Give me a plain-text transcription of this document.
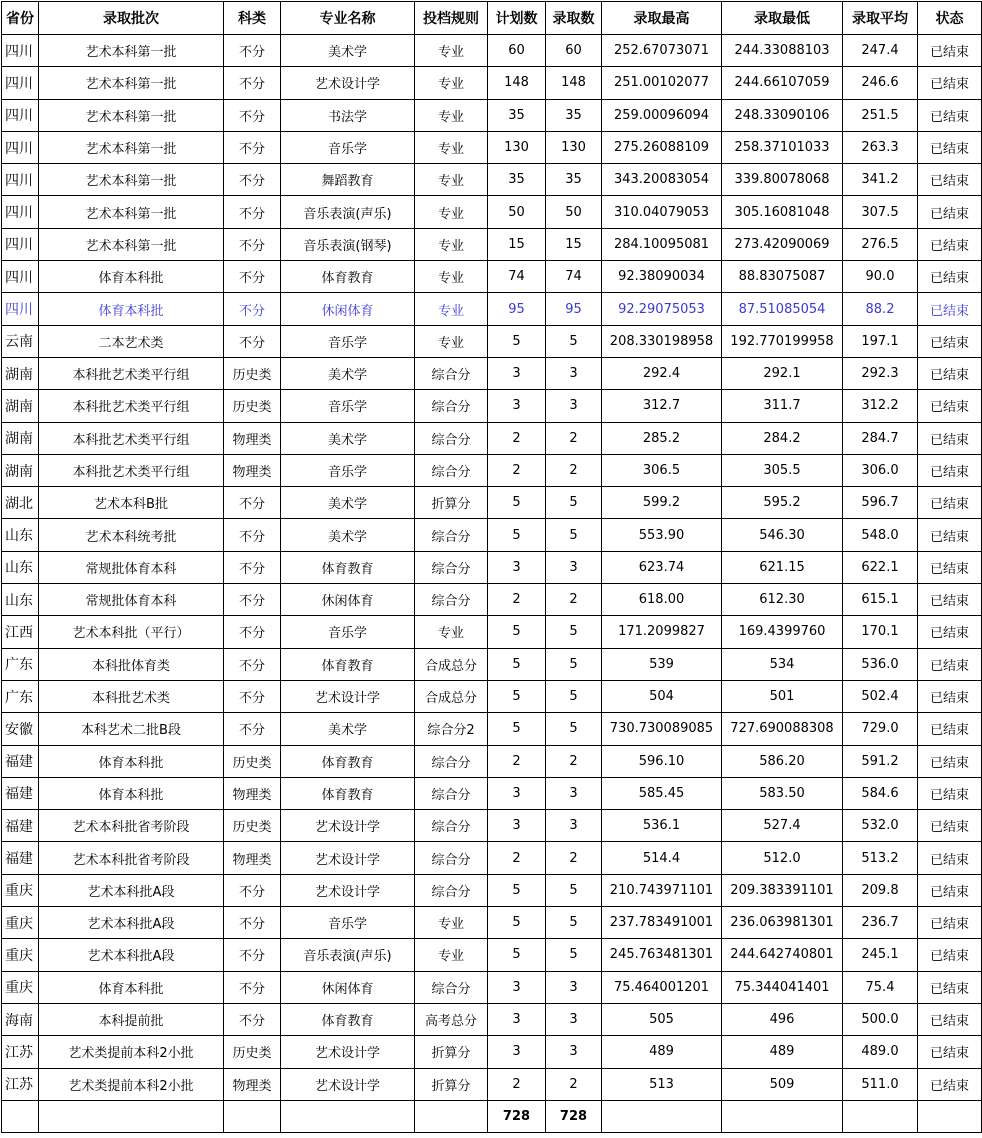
省份	录取批次	科类	专业名称	投档规则	计划数	录取数	录取最高	录取最低	录取平均	状态
四川	艺术本科第一批	不分	美术学	专业	60	60	252.67073071	244.33088103	247.4	已结束
四川	艺术本科第一批	不分	艺术设计学	专业	148	148	251.00102077	244.66107059	246.6	已结束
四川	艺术本科第一批	不分	书法学	专业	35	35	259.00096094	248.33090106	251.5	已结束
四川	艺术本科第一批	不分	音乐学	专业	130	130	275.26088109	258.37101033	263.3	已结束
四川	艺术本科第一批	不分	舞蹈教育	专业	35	35	343.20083054	339.80078068	341.2	已结束
四川	艺术本科第一批	不分	音乐表演(声乐)	专业	50	50	310.04079053	305.16081048	307.5	已结束
四川	艺术本科第一批	不分	音乐表演(钢琴)	专业	15	15	284.10095081	273.42090069	276.5	已结束
四川	体育本科批	不分	体育教育	专业	74	74	92.38090034	88.83075087	90.0	已结束
四川	体育本科批	不分	休闲体育	专业	95	95	92.29075053	87.51085054	88.2	已结束
云南	二本艺术类	不分	音乐学	专业	5	5	208.330198958	192.770199958	197.1	已结束
湖南	本科批艺术类平行组	历史类	美术学	综合分	3	3	292.4	292.1	292.3	已结束
湖南	本科批艺术类平行组	历史类	音乐学	综合分	3	3	312.7	311.7	312.2	已结束
湖南	本科批艺术类平行组	物理类	美术学	综合分	2	2	285.2	284.2	284.7	已结束
湖南	本科批艺术类平行组	物理类	音乐学	综合分	2	2	306.5	305.5	306.0	已结束
湖北	艺术本科B批	不分	美术学	折算分	5	5	599.2	595.2	596.7	已结束
山东	艺术本科统考批	不分	美术学	综合分	5	5	553.90	546.30	548.0	已结束
山东	常规批体育本科	不分	体育教育	综合分	3	3	623.74	621.15	622.1	已结束
山东	常规批体育本科	不分	休闲体育	综合分	2	2	618.00	612.30	615.1	已结束
江西	艺术本科批（平行）	不分	音乐学	专业	5	5	171.2099827	169.4399760	170.1	已结束
广东	本科批体育类	不分	体育教育	合成总分	5	5	539	534	536.0	已结束
广东	本科批艺术类	不分	艺术设计学	合成总分	5	5	504	501	502.4	已结束
安徽	本科艺术二批B段	不分	美术学	综合分2	5	5	730.730089085	727.690088308	729.0	已结束
福建	体育本科批	历史类	体育教育	综合分	2	2	596.10	586.20	591.2	已结束
福建	体育本科批	物理类	体育教育	综合分	3	3	585.45	583.50	584.6	已结束
福建	艺术本科批省考阶段	历史类	艺术设计学	综合分	3	3	536.1	527.4	532.0	已结束
福建	艺术本科批省考阶段	物理类	艺术设计学	综合分	2	2	514.4	512.0	513.2	已结束
重庆	艺术本科批A段	不分	艺术设计学	综合分	5	5	210.743971101	209.383391101	209.8	已结束
重庆	艺术本科批A段	不分	音乐学	专业	5	5	237.783491001	236.063981301	236.7	已结束
重庆	艺术本科批A段	不分	音乐表演(声乐)	专业	5	5	245.763481301	244.642740801	245.1	已结束
重庆	体育本科批	不分	休闲体育	综合分	3	3	75.464001201	75.344041401	75.4	已结束
海南	本科提前批	不分	体育教育	高考总分	3	3	505	496	500.0	已结束
江苏	艺术类提前本科2小批	历史类	艺术设计学	折算分	3	3	489	489	489.0	已结束
江苏	艺术类提前本科2小批	物理类	艺术设计学	折算分	2	2	513	509	511.0	已结束
					728	728				
